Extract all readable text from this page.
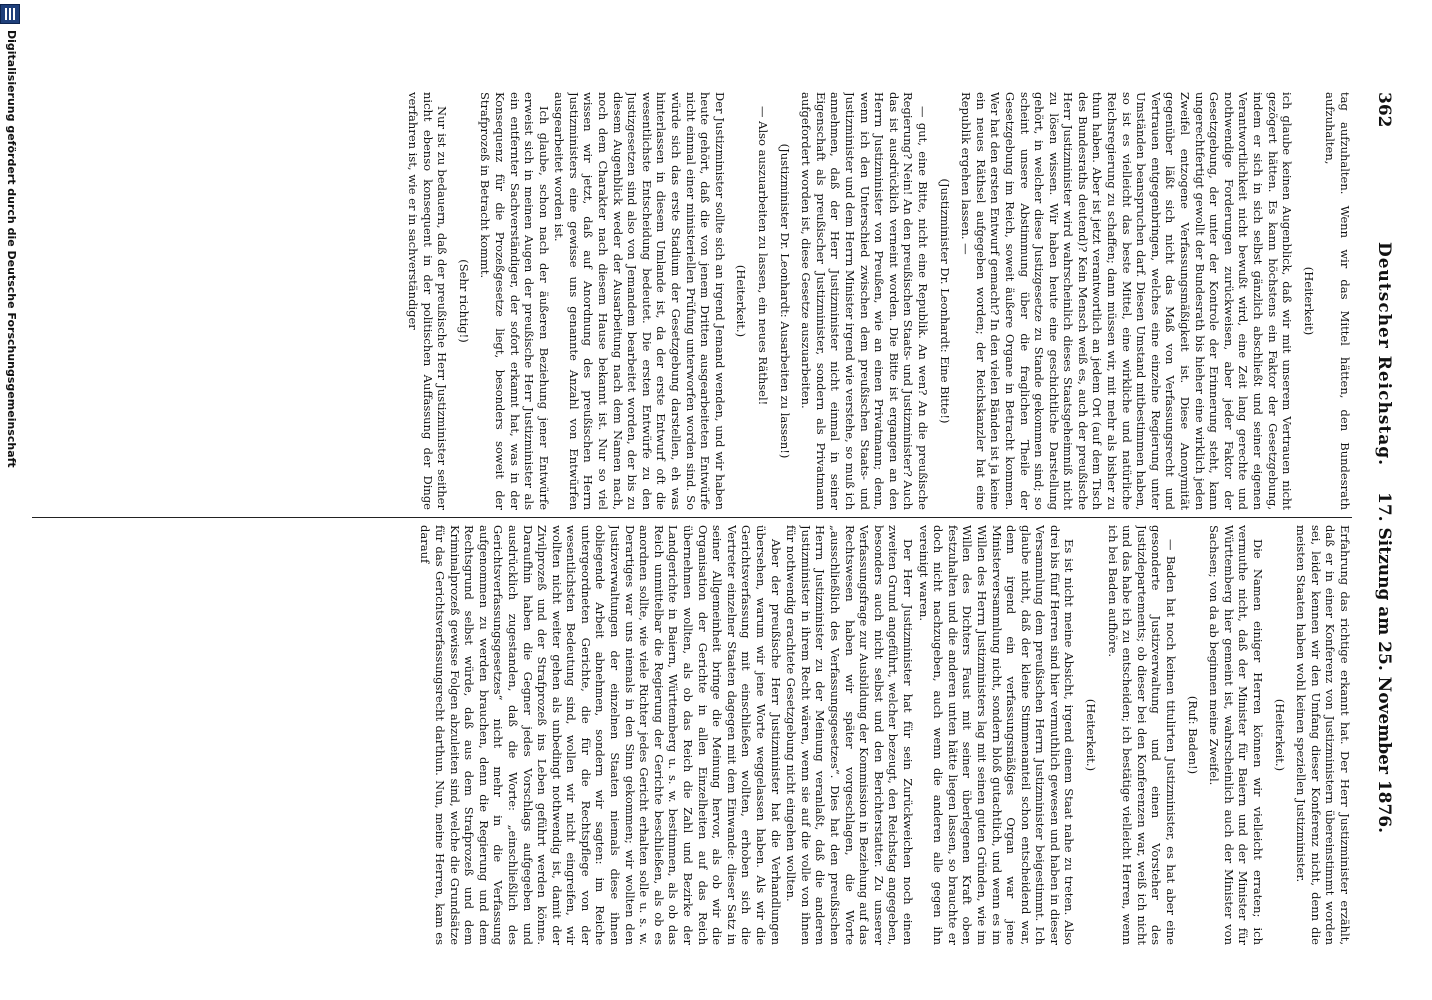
362
Deutscher Reichstag.
17. Sitzung am 25. November 1876.

tag aufzuhalten. Wenn wir das Mittel hätten, den Bundesrath aufzuhalten,

(Heiterkeit)

ich glaube keinen Augenblick, daß wir mit unserem Vertrauen nicht gezögert hätten. Es kann höchstens ein Faktor der Gesetzgebung, indem er sich in sich selbst gänzlich abschließt und seiner eigenen Verantwortlichkeit nicht bewußt wird, eine Zeit lang gerechte und nothwendige Forderungen zurückweisen, aber jeder Faktor der Gesetzgebung, der unter der Kontrole der Erinnerung steht, kann ungerechtfertigt gewollt der Bundesrath bis hieher eine wirklich jeden Zweifel entzogene Verfassungsmäßigkeit ist. Diese Anonymität gegenüber läßt sich nicht das Maß von Verfassungsrecht und Vertrauen entgegenbringen, welches eine einzelne Regierung unter Umständen beanspruchen darf. Diesen Umstand mitbestimmen haben, so ist es vielleicht das beste Mittel, eine wirkliche und natürliche Reichsregierung zu schaffen; dann müssen wir, mit mehr als bisher zu thun haben. Aber ist jetzt verantwortlich an jedem Ort (auf dem Tisch des Bundesraths deutend)? Kein Mensch weiß es, auch der preußische Herr Justizminister wird wahrscheinlich dieses Staatsgeheimniß nicht zu lösen wissen. Wir haben heute eine geschichtliche Darstellung gehört, in welcher diese Justizgesetze zu Stande gekommen sind; so scheint unsere Abstimmung über die fraglichen Theile der Gesetzgebung im Reich, soweit äußere Organe in Betracht kommen. Wer hat den ersten Entwurf gemacht? In den vielen Bänden ist ja keine ein neues Räthsel aufgegeben worden; der Reichskanzler hat eine Republik ergehen lassen. —

(Justizminister Dr. Leonhardt: Eine Bitte!)

— gut, eine Bitte, nicht eine Republik. An wen? An die preußische Regierung? Nein! An den preußischen Staats- und Justizminister? Auch das ist ausdrücklich verneint worden. Die Bitte ist ergangen an den Herrn Justizminister von Preußen, wie an einen Privatmann; denn, wenn ich den Unterschied zwischen dem preußischen Staats- und Justizminister und dem Herrn Minister irgend wie verstehe, so muß ich annehmen, daß der Herr Justizminister nicht einmal in seiner Eigenschaft als preußischer Justizminister, sondern als Privatmann aufgefordert worden ist, diese Gesetze auszuarbeiten.

(Justizminister Dr. Leonhardt: Ausarbeiten zu lassen!)

— Also auszuarbeiten zu lassen, ein neues Räthsel!

(Heiterkeit.)

Der Justizminister sollte sich an irgend Jemand wenden, und wir haben heute gehört, daß die von jenem Dritten ausgearbeiteten Entwürfe nicht einmal einer ministeriellen Prüfung unterworfen worden sind. So würde sich das erste Stadium der Gesetzgebung darstellen, eh was hinterlassen in diesem Umlande ist, da der erste Entwurf oft die wesentlichste Entscheidung bedeutet. Die ersten Entwürfe zu den Justizgesetzen sind also von Jemandem bearbeitet worden, der bis zu diesem Augenblick weder der Ausarbeitung nach dem Namen nach, noch dem Charakter nach diesem Hause bekannt ist. Nur so viel wissen wir jetzt, daß auf Anordnung des preußischen Herrn Justizministers eine gewisse uns genannte Anzahl von Entwürfen ausgearbeitet worden ist.

Ich glaube, schon nach der äußeren Beziehung jener Entwürfe erweist sich in meinen Augen der preußische Herr Justizminister als ein entfernter Sachverständiger, der sofort erkannt hat, was in der Konsequenz für die Prozeßgesetze liegt, besonders soweit der Strafprozeß in Betracht kommt.

(Sehr richtig!)

Nur ist zu bedauern, daß der preußische Herr Justizminister seither nicht ebenso konsequent in der politischen Auffassung der Dinge verfahren ist, wie er in sachverständiger

Erfahrung das richtige erkannt hat. Der Herr Justizminister erzählt, daß er in einer Konferenz von Justizministern übereinstimmt worden sei, leider kennen wir den Umfang dieser Konferenz nicht, denn die meisten Staaten haben wohl keinen speziellen Justizminister.

(Heiterkeit.)

Die Namen einiger Herren können wir vielleicht erraten; ich vermuthe nicht, daß der Minister für Baiern und der Minister für Württemberg hier gemeint ist, wahrscheinlich auch der Minister von Sachsen; von da ab beginnen meine Zweifel.

(Ruf: Baden!)

— Baden hat noch keinen titulirten Justizminister, es hat aber eine gesonderte Justizverwaltung und einen Vorsteher des Justizdepartements; ob dieser bei den Konferenzen war, weiß ich nicht und das habe ich zu entscheiden; ich bestätige vielleicht Herren, wenn ich bei Baden aufhöre.

(Heiterkeit.)

Es ist nicht meine Absicht, irgend einem Staat nahe zu treten. Also drei bis fünf Herren sind hier vermuthlich gewesen und haben in dieser Versammlung dem preußischen Herrn Justizminister beigestimmt. Ich glaube nicht, daß der kleine Stimmenanteil schon entscheidend war, denn irgend ein verfassungsmäßiges Organ war jene Ministerversammlung nicht, sondern bloß gutachtlich, und wenn es im Willen des Herrn Justizministers lag mit seinen guten Gründen, wie im Willen des Dichters Faust mit seiner überlegenen Kraft oben festzuhalten und die anderen unten hätte liegen lassen, so brauchte er doch nicht nachzugeben, auch wenn die anderen alle gegen ihn vereinigt waren.

Der Herr Justizminister hat für sein Zurückweichen noch einen zweiten Grund angeführt, welcher bezeugt, den Reichstag angegeben, besonders auch nicht selbst und den Berichterstatter. Zu unserer Verfassungsfrage zur Ausbildung der Kommission in Beziehung auf das Rechtswesen haben wir später vorgeschlagen, die Worte „ausschließlich des Verfassungsgesetzes“. Dies hat den preußischen Herrn Justizminister zu der Meinung veranlaßt, daß die anderen Justizminister in ihrem Recht wären, wenn sie auf die volle von ihnen für nothwendig erachtete Gesetzgebung nicht eingehen wollten.

Aber der preußische Herr Justizminister hat die Verhandlungen übersehen, warum wir jene Worte weggelassen haben. Als wir die Gerichtsverfassung mit einschließen wollten, erhoben sich die Vertreter einzelner Staaten dagegen mit dem Einwande: dieser Satz in seiner Allgemeinheit bringe die Meinung hervor, als ob wir die Organisation der Gerichte in allen Einzelheiten auf das Reich übernehmen wollten, als ob das Reich die Zahl und Bezirke der Landgerichte in Baiern, Württemberg u. s. w. bestimmen, als ob das Reich unmittelbar die Regierung der Gerichte beschließen, als ob es anordnen sollte, wie viele Richter jedes Gericht erhalten solle u. s. w. Derartiges war uns niemals in den Sinn gekommen; wir wollten den Justizverwaltungen der einzelnen Staaten niemals diese ihnen obliegende Arbeit abnehmen, sondern wir sagten: im Reiche untergeordneten Gerichte, die für die Rechtspflege von der wesentlichsten Bedeutung sind, wollen wir nicht eingreifen, wir wollten nicht weiter gehen als unbedingt nothwendig ist, damit der Zivilprozeß und der Strafprozeß ins Leben geführt werden könne. Daraufhin haben die Gegner jedes Vorschlags aufgegeben und ausdrücklich zugestanden, daß die Worte: „einschließlich des Gerichtsverfassungsgesetzes“ nicht mehr in die Verfassung aufgenommen zu werden brauchen, denn die Regierung und dem Rechtsgrund selbst würde, daß aus dem Strafprozeß und dem Kriminalprozeß gewisse Folgen abzuleiten sind, welche die Grundsätze für das Gerichtsverfassungsrecht darthun. Nun, meine Herren, kam es darauf

Digitalisierung gefördert durch die Deutsche Forschungsgemeinschaft
